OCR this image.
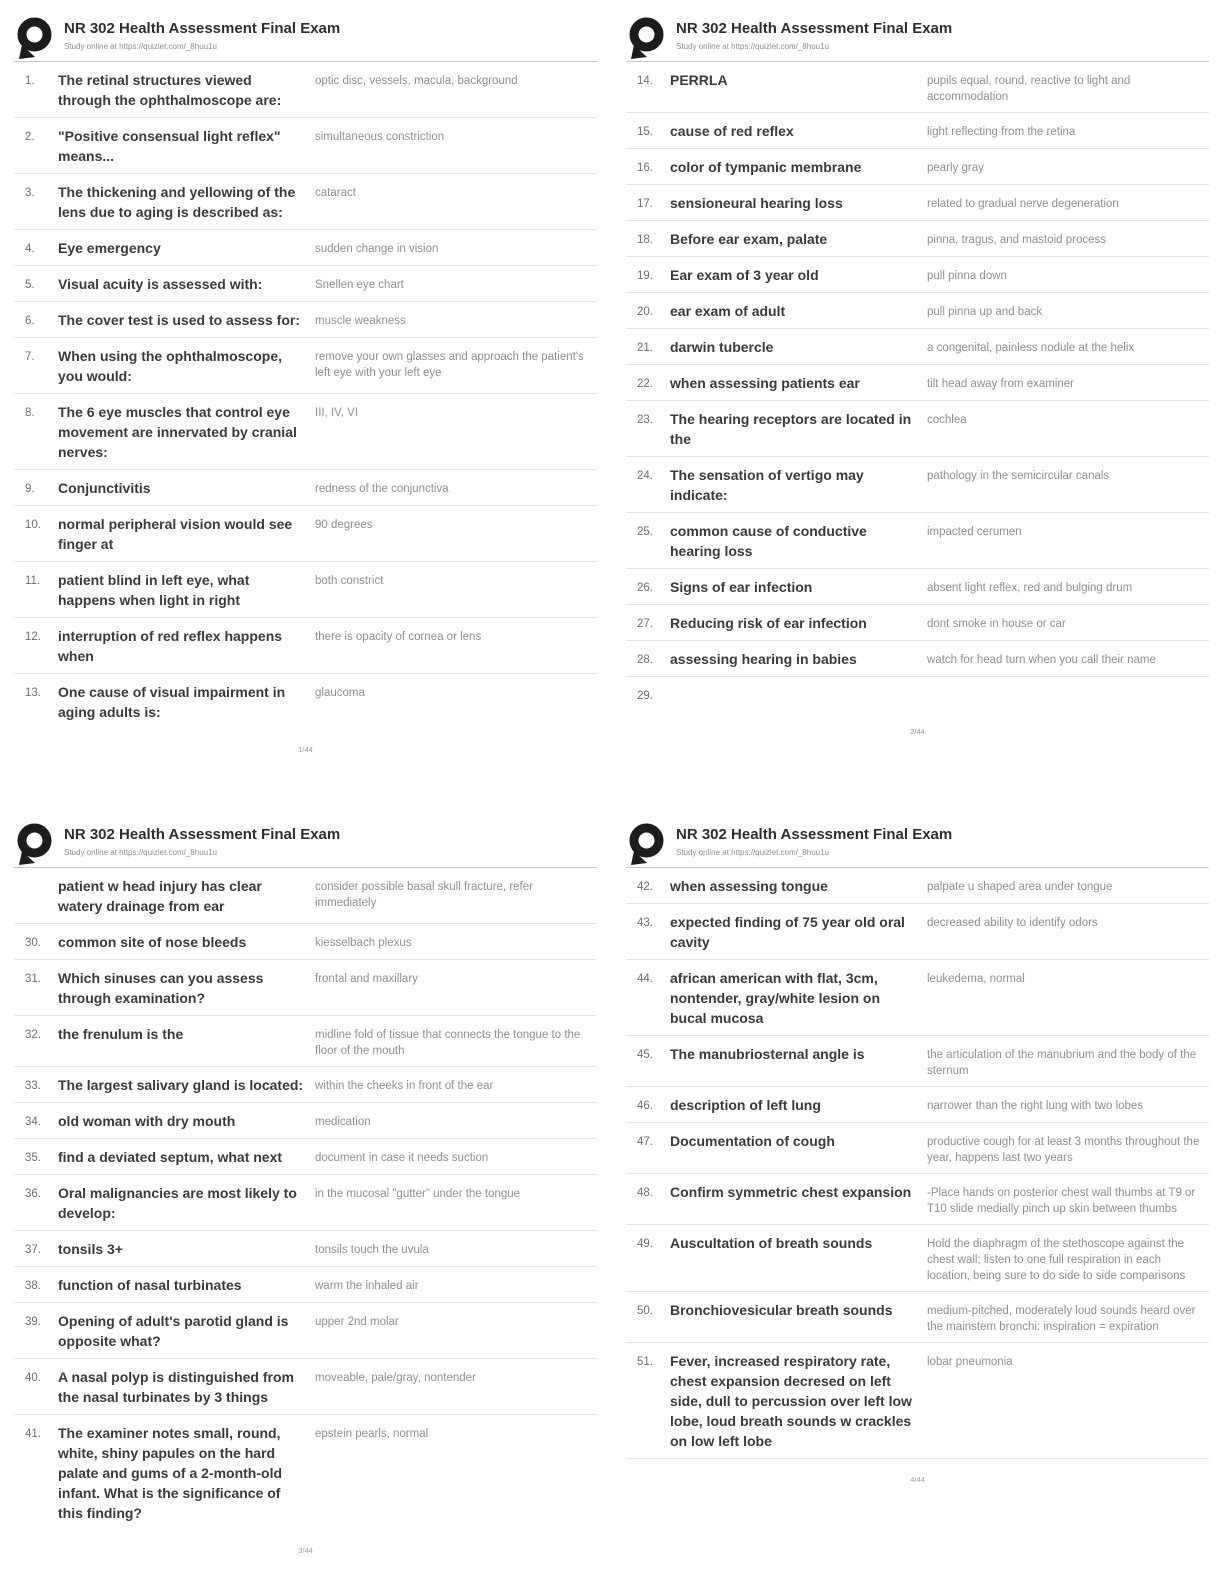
NR 302 Health Assessment Final Exam
Study online at https://quizlet.com/_8huu1u
1.	The retinal structures viewed through the ophthalmoscope are:
optic disc, vessels, macula, background
2.	"Positive consensual light reflex" means...
simultaneous constriction
3.	The thickening and yellowing of the lens due to aging is described as:
cataract
4.	Eye emergency	sudden change in vision
5.	Visual acuity is assessed with:	Snellen eye chart
6.	The cover test is used to assess for:	muscle weakness
7.	When using the ophthalmoscope, you would:
remove your own glasses and approach the patient's left eye with your left eye
8.	The 6 eye muscles that control eye movement are innervated by cranial nerves:
III, IV, VI
9.	Conjunctivitis	redness of the conjunctiva
10.	normal peripheral vision would see finger at
90 degrees
11.	patient blind in left eye, what happens when light in right
both constrict
12.	interruption of red reflex happens when
there is opacity of cornea or lens
13.	One cause of visual impairment in aging adults is:
glaucoma
1/44
NR 302 Health Assessment Final Exam
Study online at https://quizlet.com/_8huu1u
14.	PERRLA	pupils equal, round, reactive to light and accommodation
15.	cause of red reflex	light reflecting from the retina
16.	color of tympanic membrane	pearly gray
17.	sensioneural hearing loss	related to gradual nerve degeneration
18.	Before ear exam, palate	pinna, tragus, and mastoid process
19.	Ear exam of 3 year old	pull pinna down
20.	ear exam of adult	pull pinna up and back
21.	darwin tubercle	a congenital, painless nodule at the helix
22.	when assessing patients ear	tilt head away from examiner
23.	The hearing receptors are located in the
cochlea
24.	The sensation of vertigo may indicate:
pathology in the semicircular canals
25.	common cause of conductive hearing loss
impacted cerumen
26.	Signs of ear infection	absent light reflex, red and bulging drum
27.	Reducing risk of ear infection	dont smoke in house or car
28.	assessing hearing in babies	watch for head turn when you call their name
29.
2/44
NR 302 Health Assessment Final Exam
Study online at https://quizlet.com/_8huu1u
patient w head injury has clear watery drainage from ear
consider possible basal skull fracture, refer immediately
30.	common site of nose bleeds	kiesselbach plexus
31.	Which sinuses can you assess through examination?
frontal and maxillary
32.	the frenulum is the	midline fold of tissue that connects the tongue to the floor of the mouth
33.	The largest salivary gland is located:	within the cheeks in front of the ear
34.	old woman with dry mouth	medication
35.	find a deviated septum, what next	document in case it needs suction
36.	Oral malignancies are most likely to develop:
in the mucosal "gutter" under the tongue
37.	tonsils 3+	tonsils touch the uvula
38.	function of nasal turbinates	warm the inhaled air
39.	Opening of adult's parotid gland is opposite what?
upper 2nd molar
40.	A nasal polyp is distinguished from the nasal turbinates by 3 things
moveable, pale/gray, nontender
41.	The examiner notes small, round, white, shiny papules on the hard palate and gums of a 2-month-old infant. What is the significance of this finding?
epstein pearls, normal
3/44
NR 302 Health Assessment Final Exam
Study online at https://quizlet.com/_8huu1u
42.	when assessing tongue	palpate u shaped area under tongue
43.	expected finding of 75 year old oral cavity
decreased ability to identify odors
44.	african american with flat, 3cm, nontender, gray/white lesion on bucal mucosa
leukedema, normal
45.	The manubriosternal angle is	the articulation of the manubrium and the body of the sternum
46.	description of left lung	narrower than the right lung with two lobes
47.	Documentation of cough	productive cough for at least 3 months throughout the year, happens last two years
48.	Confirm symmetric chest expansion	-Place hands on posterior chest wall thumbs at T9 or T10 slide medially pinch up skin between thumbs
49.	Auscultation of breath sounds	Hold the diaphragm of the stethoscope against the chest wall; listen to one full respiration in each location, being sure to do side to side comparisons
50.	Bronchiovesicular breath sounds	medium-pitched, moderately loud sounds heard over the mainstem bronchi: inspiration = expiration
51.	Fever, increased respiratory rate, chest expansion decresed on left side, dull to percussion over left low lobe, loud breath sounds w crackles on low left lobe
lobar pneumonia
4/44
